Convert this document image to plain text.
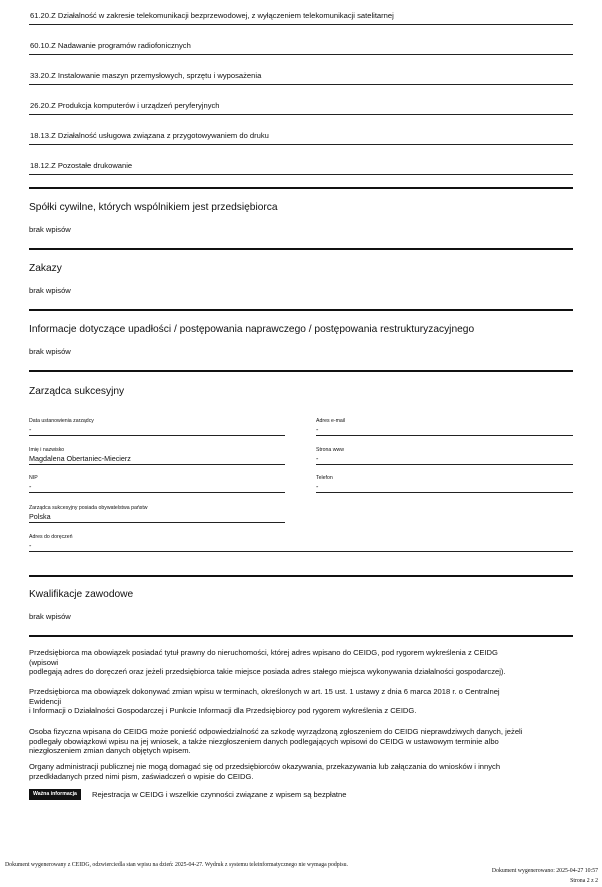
61.20.Z Działalność w zakresie telekomunikacji bezprzewodowej, z wyłączeniem telekomunikacji satelitarnej
60.10.Z Nadawanie programów radiofonicznych
33.20.Z Instalowanie maszyn przemysłowych, sprzętu i wyposażenia
26.20.Z Produkcja komputerów i urządzeń peryferyjnych
18.13.Z Działalność usługowa związana z przygotowywaniem do druku
18.12.Z Pozostałe drukowanie
Spółki cywilne, których wspólnikiem jest przedsiębiorca
brak wpisów
Zakazy
brak wpisów
Informacje dotyczące upadłości / postępowania naprawczego / postępowania restrukturyzacyjnego
brak wpisów
Zarządca sukcesyjny
Data ustanowienia zarządcy
-
Adres e-mail
-
Imię i nazwisko
Magdalena Obertaniec-Miecierz
Strona www
-
NIP
-
Telefon
-
Zarządca sukcesyjny posiada obywatelstwa państw
Polska
Adres do doręczeń
-
Kwalifikacje zawodowe
brak wpisów
Przedsiębiorca ma obowiązek posiadać tytuł prawny do nieruchomości, której adres wpisano do CEIDG, pod rygorem wykreślenia z CEIDG
(wpisowi
podlegają adres do doręczeń oraz jeżeli przedsiębiorca takie miejsce posiada adres stałego miejsca wykonywania działalności gospodarczej).
Przedsiębiorca ma obowiązek dokonywać zmian wpisu w terminach, określonych w art. 15 ust. 1 ustawy z dnia 6 marca 2018 r. o Centralnej
Ewidencji
i Informacji o Działalności Gospodarczej i Punkcie Informacji dla Przedsiębiorcy pod rygorem wykreślenia z CEIDG.
Osoba fizyczna wpisana do CEIDG może ponieść odpowiedzialność za szkodę wyrządzoną zgłoszeniem do CEIDG nieprawdziwych danych, jeżeli
podlegały obowiązkowi wpisu na jej wniosek, a także niezgłoszeniem danych podlegających wpisowi do CEIDG w ustawowym terminie albo
niezgłoszeniem zmian danych objętych wpisem.
Organy administracji publicznej nie mogą domagać się od przedsiębiorców okazywania, przekazywania lub załączania do wniosków i innych
przedkładanych przed nimi pism, zaświadczeń o wpisie do CEIDG.
Ważna informacja	Rejestracja w CEIDG i wszelkie czynności związane z wpisem są bezpłatne
Dokument wygenerowany z CEIDG, odzwierciedla stan wpisu na dzień: 2025-04-27. Wydruk z systemu teleinformatycznego nie wymaga podpisu.
Dokument wygenerowano: 2025-04-27 10:57
Strona 2 z 2
